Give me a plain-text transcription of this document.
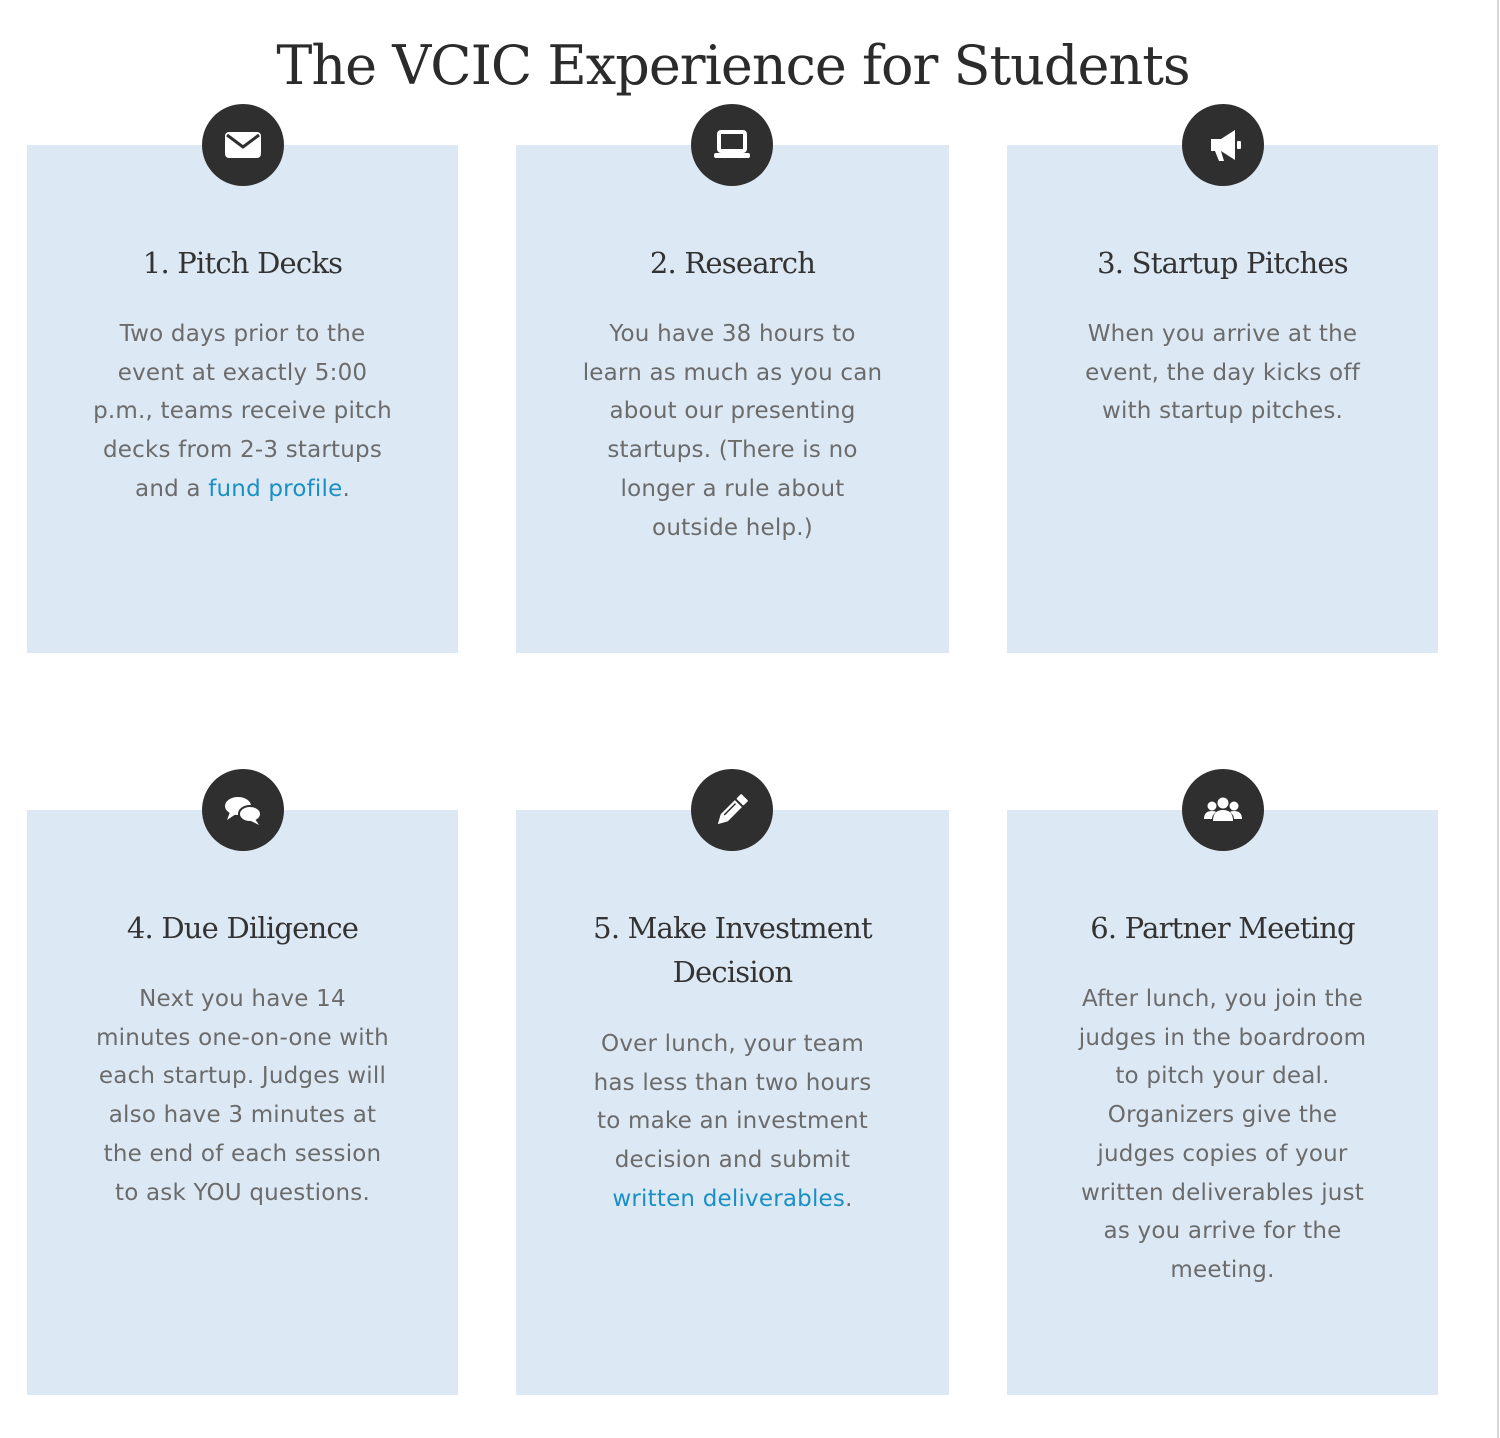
The VCIC Experience for Students
1. Pitch Decks

Two days prior to the event at exactly 5:00 p.m., teams receive pitch decks from 2-3 startups and a fund profile.

2. Research

You have 38 hours to learn as much as you can about our presenting startups. (There is no longer a rule about outside help.)

3. Startup Pitches

When you arrive at the event, the day kicks off with startup pitches.

4. Due Diligence

Next you have 14 minutes one-on-one with each startup. Judges will also have 3 minutes at the end of each session to ask YOU questions.

5. Make Investment Decision

Over lunch, your team has less than two hours to make an investment decision and submit written deliverables.

6. Partner Meeting

After lunch, you join the judges in the boardroom to pitch your deal. Organizers give the judges copies of your written deliverables just as you arrive for the meeting.
